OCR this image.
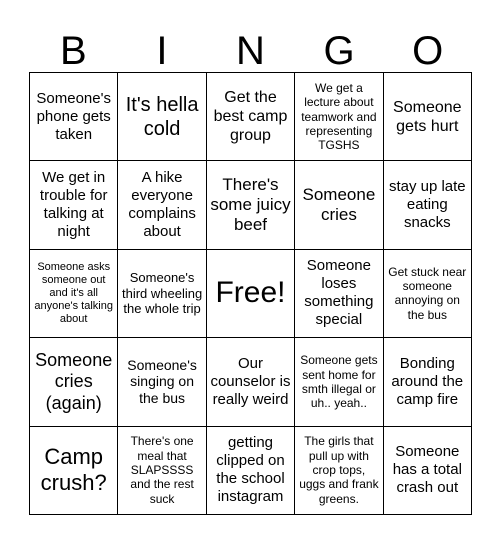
B	I	N	G	O
Someone's phone gets taken
It's hella cold
Get the best camp group
We get a lecture about teamwork and representing TGSHS
Someone gets hurt
We get in trouble for talking at night
A hike everyone complains about
There's some juicy beef
Someone cries
stay up late eating snacks
Someone asks someone out and it's all anyone's talking about
Someone's third wheeling the whole trip Free!
Someone loses something special
Get stuck near someone annoying on the bus
Someone cries (again)
Someone's singing on the bus
Our counselor is really weird
Someone gets sent home for smth illegal or uh.. yeah..
Bonding around the camp fire
Camp crush?
There's one meal that SLAPSSSS and the rest suck
getting clipped on the school instagram
The girls that pull up with crop tops, uggs and frank greens.
Someone has a total crash out
